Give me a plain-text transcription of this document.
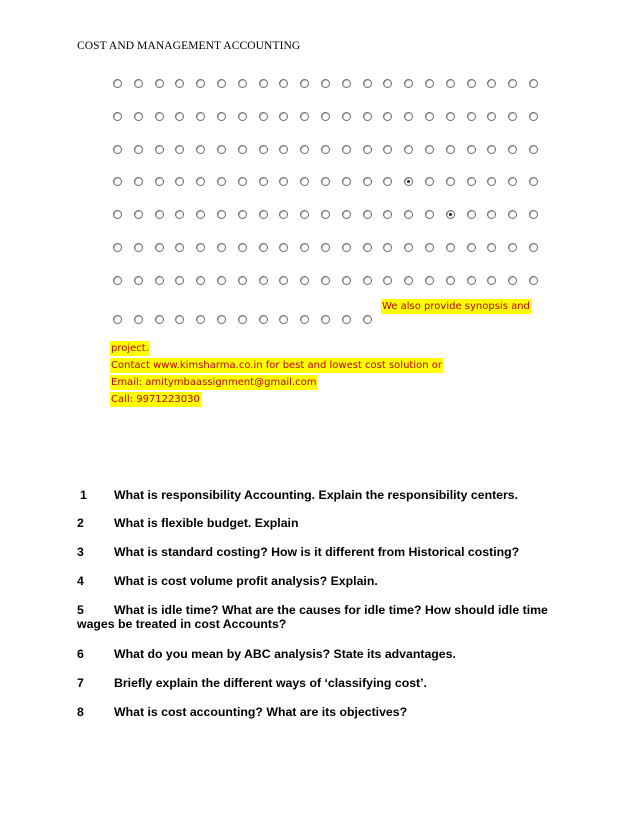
COST AND MANAGEMENT ACCOUNTING
We also provide synopsis and
project.
Contact www.kimsharma.co.in for best and lowest cost solution or
Email: amitymbaassignment@gmail.com
Call: 9971223030
1	What is responsibility Accounting. Explain the responsibility centers.
2	What is flexible budget. Explain
3	What is standard costing? How is it different from Historical costing?
4	What is cost volume profit analysis? Explain.
5	What is idle time? What are the causes for idle time? How should idle time
wages be treated in cost Accounts?
6	What do you mean by ABC analysis? State its advantages.
7	Briefly explain the different ways of ‘classifying cost’.
8	What is cost accounting? What are its objectives?
